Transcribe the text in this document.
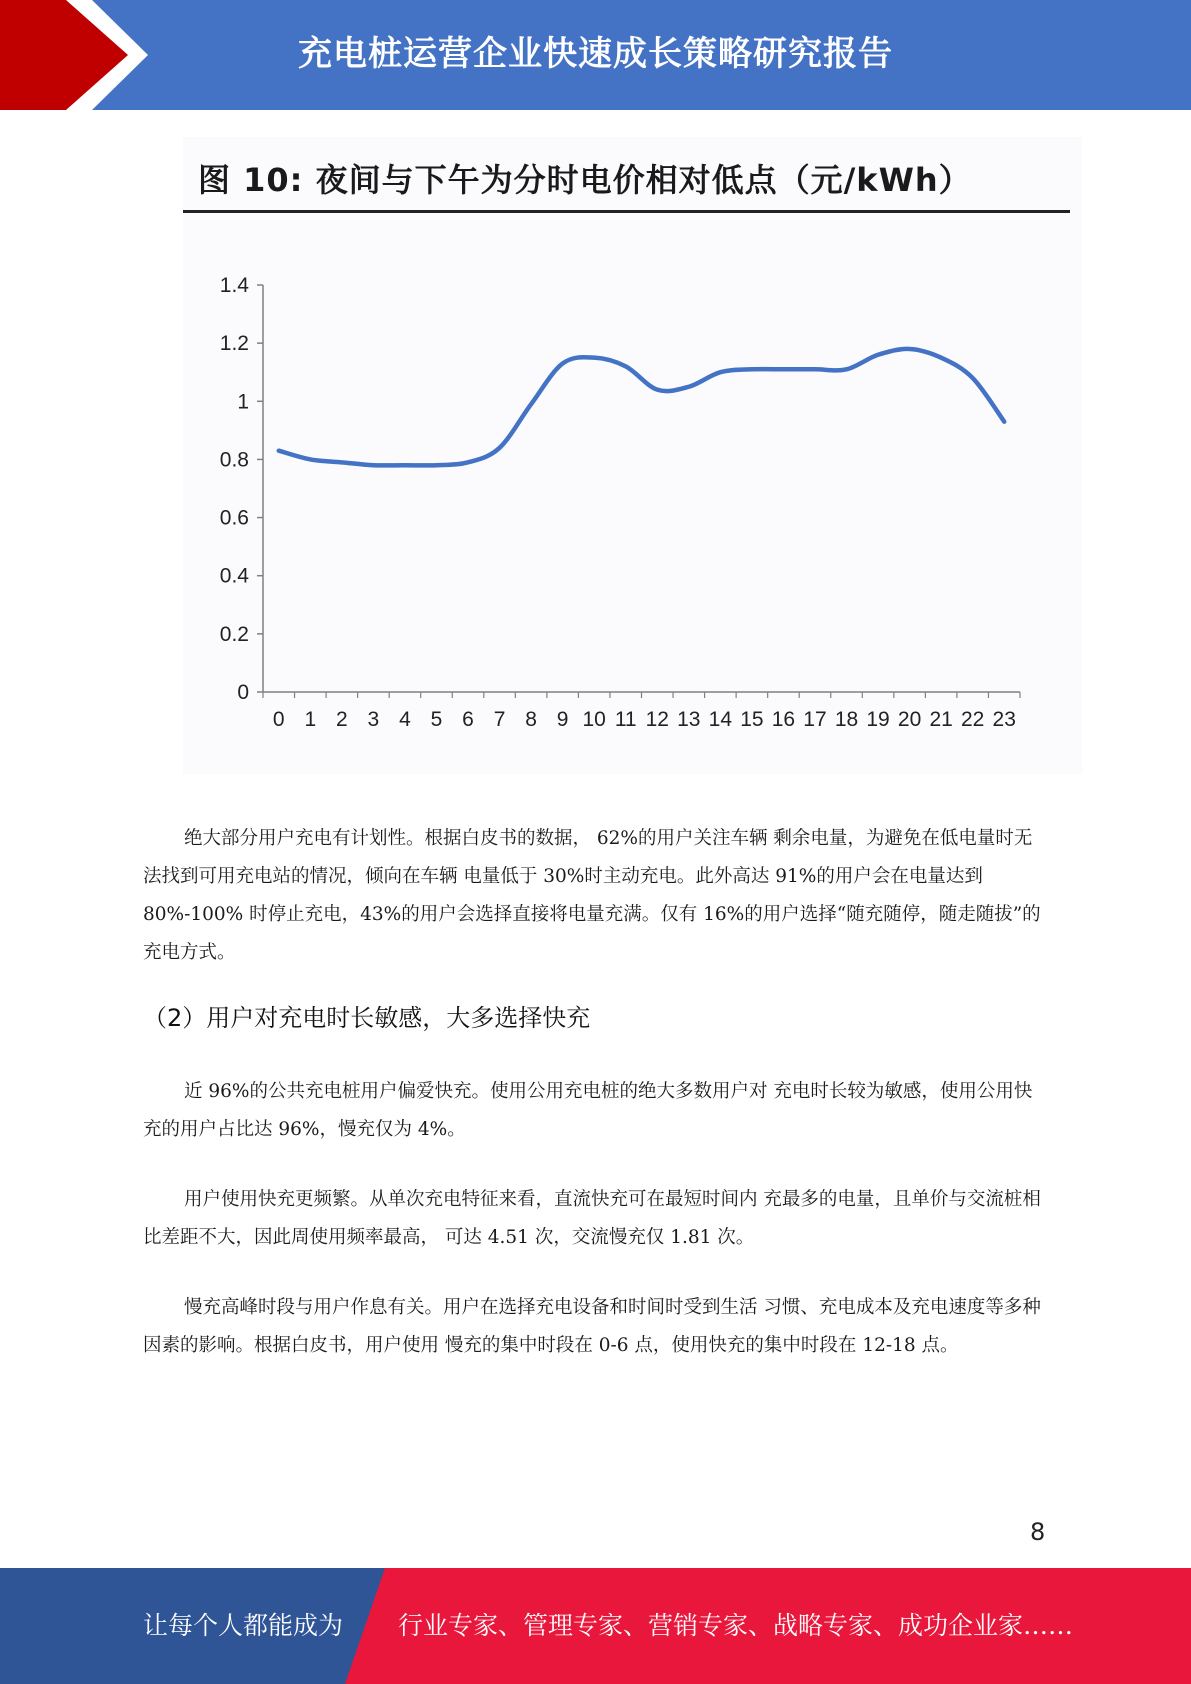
充电桩运营企业快速成长策略研究报告
图 10: 夜间与下午为分时电价相对低点（元/kWh）
0
0.2
0.4
0.6
0.8
1
1.2
1.4
0 1 2 3 4 5 6 7 8 9 10 11 12 13 14 15 16 17 18 19 20 21 22 23

绝大部分用户充电有计划性。根据白皮书的数据， 62%的用户关注车辆 剩余电量，为避免在低电量时无法找到可用充电站的情况，倾向在车辆 电量低于 30%时主动充电。此外高达 91%的用户会在电量达到 80%-100% 时停止充电，43%的用户会选择直接将电量充满。仅有 16%的用户选择“随充随停，随走随拔”的充电方式。

（2）用户对充电时长敏感，大多选择快充

近 96%的公共充电桩用户偏爱快充。使用公用充电桩的绝大多数用户对 充电时长较为敏感，使用公用快充的用户占比达 96%，慢充仅为 4%。

用户使用快充更频繁。从单次充电特征来看，直流快充可在最短时间内 充最多的电量，且单价与交流桩相比差距不大，因此周使用频率最高， 可达 4.51 次，交流慢充仅 1.81 次。

慢充高峰时段与用户作息有关。用户在选择充电设备和时间时受到生活 习惯、充电成本及充电速度等多种因素的影响。根据白皮书，用户使用 慢充的集中时段在 0-6 点，使用快充的集中时段在 12-18 点。

8
让每个人都能成为 行业专家、管理专家、营销专家、战略专家、成功企业家……
